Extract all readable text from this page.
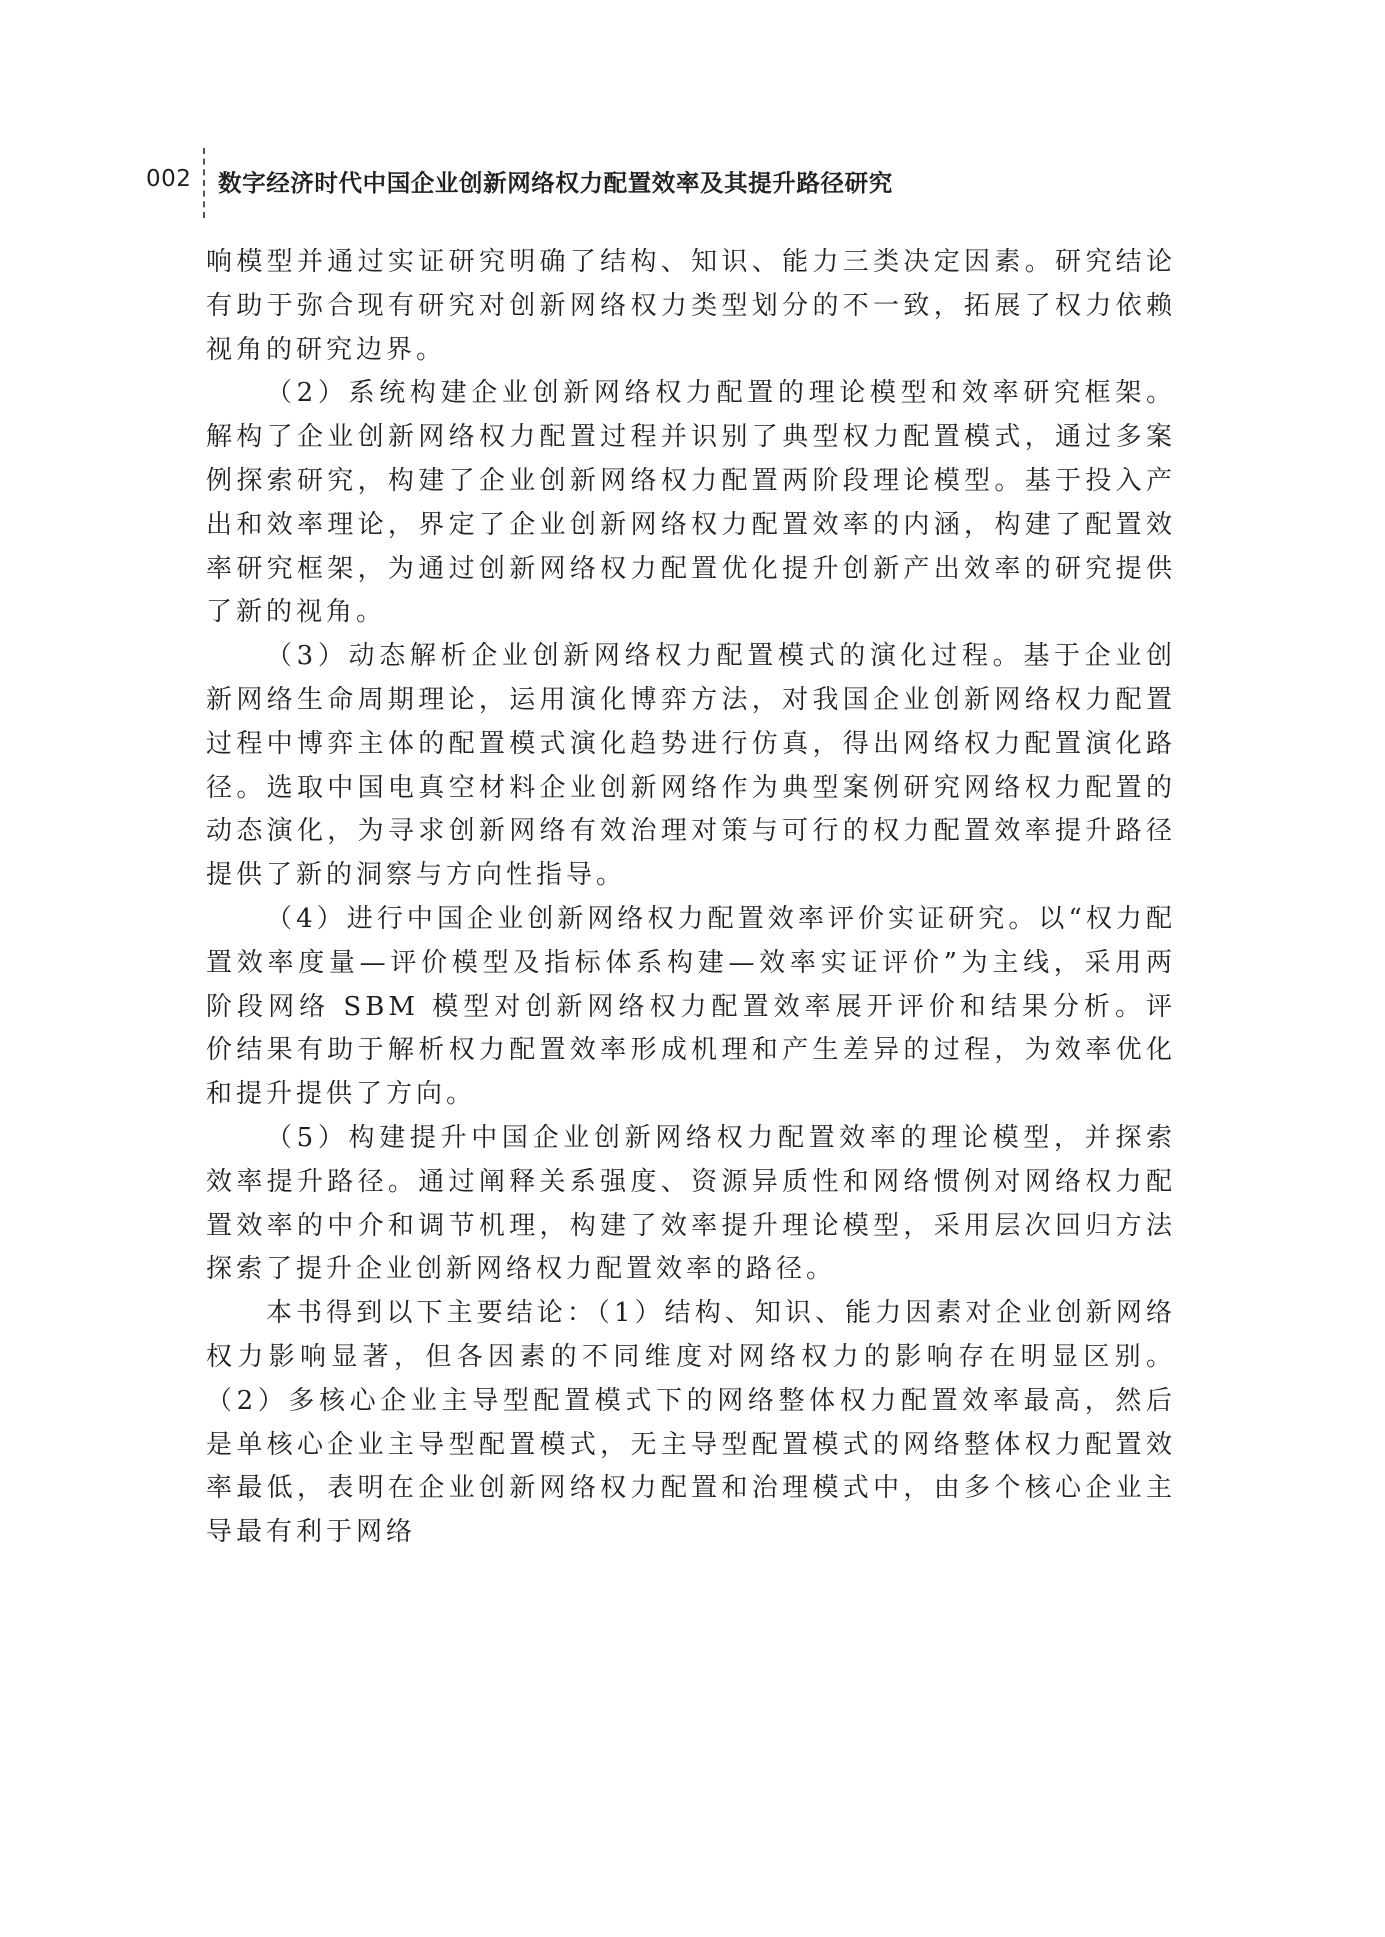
002 数字经济时代中国企业创新网络权力配置效率及其提升路径研究

响模型并通过实证研究明确了结构、知识、能力三类决定因素。研究结论有助于弥合现有研究对创新网络权力类型划分的不一致，拓展了权力依赖视角的研究边界。

（2）系统构建企业创新网络权力配置的理论模型和效率研究框架。解构了企业创新网络权力配置过程并识别了典型权力配置模式，通过多案例探索研究，构建了企业创新网络权力配置两阶段理论模型。基于投入产出和效率理论，界定了企业创新网络权力配置效率的内涵，构建了配置效率研究框架，为通过创新网络权力配置优化提升创新产出效率的研究提供了新的视角。

（3）动态解析企业创新网络权力配置模式的演化过程。基于企业创新网络生命周期理论，运用演化博弈方法，对我国企业创新网络权力配置过程中博弈主体的配置模式演化趋势进行仿真，得出网络权力配置演化路径。选取中国电真空材料企业创新网络作为典型案例研究网络权力配置的动态演化，为寻求创新网络有效治理对策与可行的权力配置效率提升路径提供了新的洞察与方向性指导。

（4）进行中国企业创新网络权力配置效率评价实证研究。以“权力配置效率度量—评价模型及指标体系构建—效率实证评价”为主线，采用两阶段网络 SBM 模型对创新网络权力配置效率展开评价和结果分析。评价结果有助于解析权力配置效率形成机理和产生差异的过程，为效率优化和提升提供了方向。

（5）构建提升中国企业创新网络权力配置效率的理论模型，并探索效率提升路径。通过阐释关系强度、资源异质性和网络惯例对网络权力配置效率的中介和调节机理，构建了效率提升理论模型，采用层次回归方法探索了提升企业创新网络权力配置效率的路径。

本书得到以下主要结论：（1）结构、知识、能力因素对企业创新网络权力影响显著，但各因素的不同维度对网络权力的影响存在明显区别。（2）多核心企业主导型配置模式下的网络整体权力配置效率最高，然后是单核心企业主导型配置模式，无主导型配置模式的网络整体权力配置效率最低，表明在企业创新网络权力配置和治理模式中，由多个核心企业主导最有利于网络
